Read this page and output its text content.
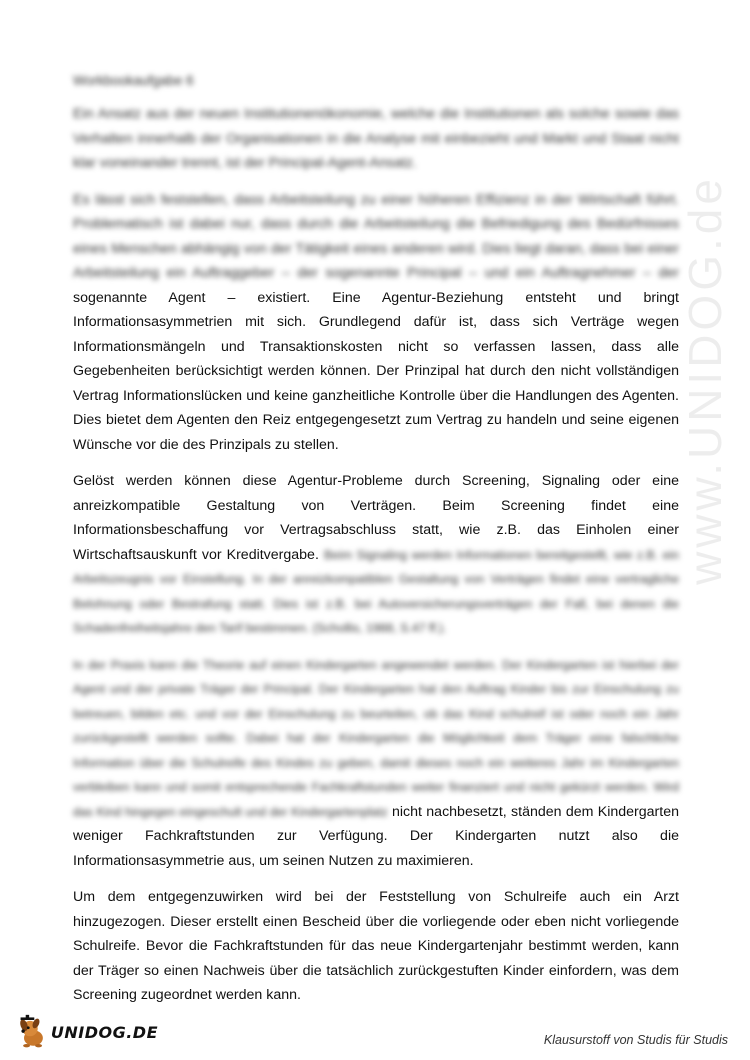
www.UNIDOG.de
Workbookaufgabe 6

Ein Ansatz aus der neuen Institutionenökonomie, welche die Institutionen als solche sowie das Verhalten innerhalb der Organisationen in die Analyse mit einbezieht und Markt und Staat nicht klar voneinander trennt, ist der Principal-Agent-Ansatz.

Es lässt sich feststellen, dass Arbeitsteilung zu einer höheren Effizienz in der Wirtschaft führt. Problematisch ist dabei nur, dass durch die Arbeitsteilung die Befriedigung des Bedürfnisses eines Menschen abhängig von der Tätigkeit eines anderen wird. Dies liegt daran, dass bei einer Arbeitsteilung ein Auftraggeber – der sogenannte Principal – und ein Auftragnehmer – der sogenannte Agent – existiert. Eine Agentur-Beziehung entsteht und bringt Informationsasymmetrien mit sich. Grundlegend dafür ist, dass sich Verträge wegen Informationsmängeln und Transaktionskosten nicht so verfassen lassen, dass alle Gegebenheiten berücksichtigt werden können. Der Prinzipal hat durch den nicht vollständigen Vertrag Informationslücken und keine ganzheitliche Kontrolle über die Handlungen des Agenten. Dies bietet dem Agenten den Reiz entgegengesetzt zum Vertrag zu handeln und seine eigenen Wünsche vor die des Prinzipals zu stellen.

Gelöst werden können diese Agentur-Probleme durch Screening, Signaling oder eine anreizkompatible Gestaltung von Verträgen. Beim Screening findet eine Informationsbeschaffung vor Vertragsabschluss statt, wie z.B. das Einholen einer Wirtschaftsauskunft vor Kreditvergabe. Beim Signaling werden Informationen bereitgestellt, wie z.B. ein Arbeitszeugnis vor Einstellung. In der anreizkompatiblen Gestaltung von Verträgen findet eine vertragliche Belohnung oder Bestrafung statt. Dies ist z.B. bei Autoversicherungsverträgen der Fall, bei denen die Schadenfreiheitsjahre den Tarif bestimmen. (Schollis, 1988, S.47 ff.).

In der Praxis kann die Theorie auf einen Kindergarten angewendet werden. Der Kindergarten ist hierbei der Agent und der private Träger der Principal. Der Kindergarten hat den Auftrag Kinder bis zur Einschulung zu betreuen, bilden etc. und vor der Einschulung zu beurteilen, ob das Kind schulreif ist oder noch ein Jahr zurückgestellt werden sollte. Dabei hat der Kindergarten die Möglichkeit dem Träger eine falschliche Information über die Schulreife des Kindes zu geben, damit dieses noch ein weiteres Jahr im Kindergarten verbleiben kann und somit entsprechende Fachkraftstunden weiter finanziert und nicht gekürzt werden. Wird das Kind hingegen eingeschult und der Kindergartenplatz nicht nachbesetzt, ständen dem Kindergarten weniger Fachkraftstunden zur Verfügung. Der Kindergarten nutzt also die Informationsasymmetrie aus, um seinen Nutzen zu maximieren.

Um dem entgegenzuwirken wird bei der Feststellung von Schulreife auch ein Arzt hinzugezogen. Dieser erstellt einen Bescheid über die vorliegende oder eben nicht vorliegende Schulreife. Bevor die Fachkraftstunden für das neue Kindergartenjahr bestimmt werden, kann der Träger so einen Nachweis über die tatsächlich zurückgestuften Kinder einfordern, was dem Screening zugeordnet werden kann.

UNIDOG.DE	Klausurstoff von Studis für Studis
